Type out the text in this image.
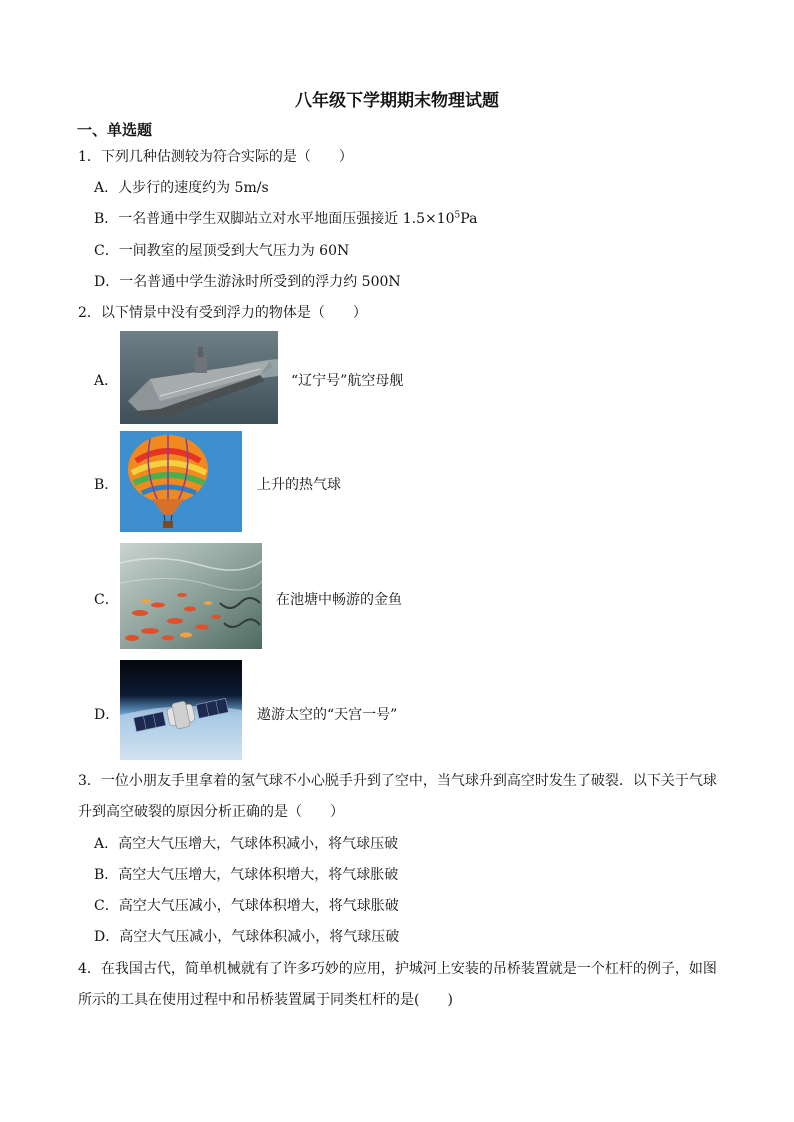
八年级下学期期末物理试题
一、单选题
1．下列几种估测较为符合实际的是（　　）
A．人步行的速度约为 5m/s
B．一名普通中学生双脚站立对水平地面压强接近 $1.5\times 10^5Pa$
C．一间教室的屋顶受到大气压力为 60N
D．一名普通中学生游泳时所受到的浮力约 500N
2．以下情景中没有受到浮力的物体是（　　）
A．	“辽宁号”航空母舰
B．	上升的热气球
C．	在池塘中畅游的金鱼
D．	遨游太空的“天宫一号”
3．一位小朋友手里拿着的氢气球不小心脱手升到了空中，当气球升到高空时发生了破裂．以下关于气球
升到高空破裂的原因分析正确的是（　　）
A．高空大气压增大，气球体积减小，将气球压破
B．高空大气压增大，气球体积增大，将气球胀破
C．高空大气压减小，气球体积增大，将气球胀破
D．高空大气压减小，气球体积减小，将气球压破
4．在我国古代，简单机械就有了许多巧妙的应用，护城河上安装的吊桥装置就是一个杠杆的例子，如图
所示的工具在使用过程中和吊桥装置属于同类杠杆的是(　　)
